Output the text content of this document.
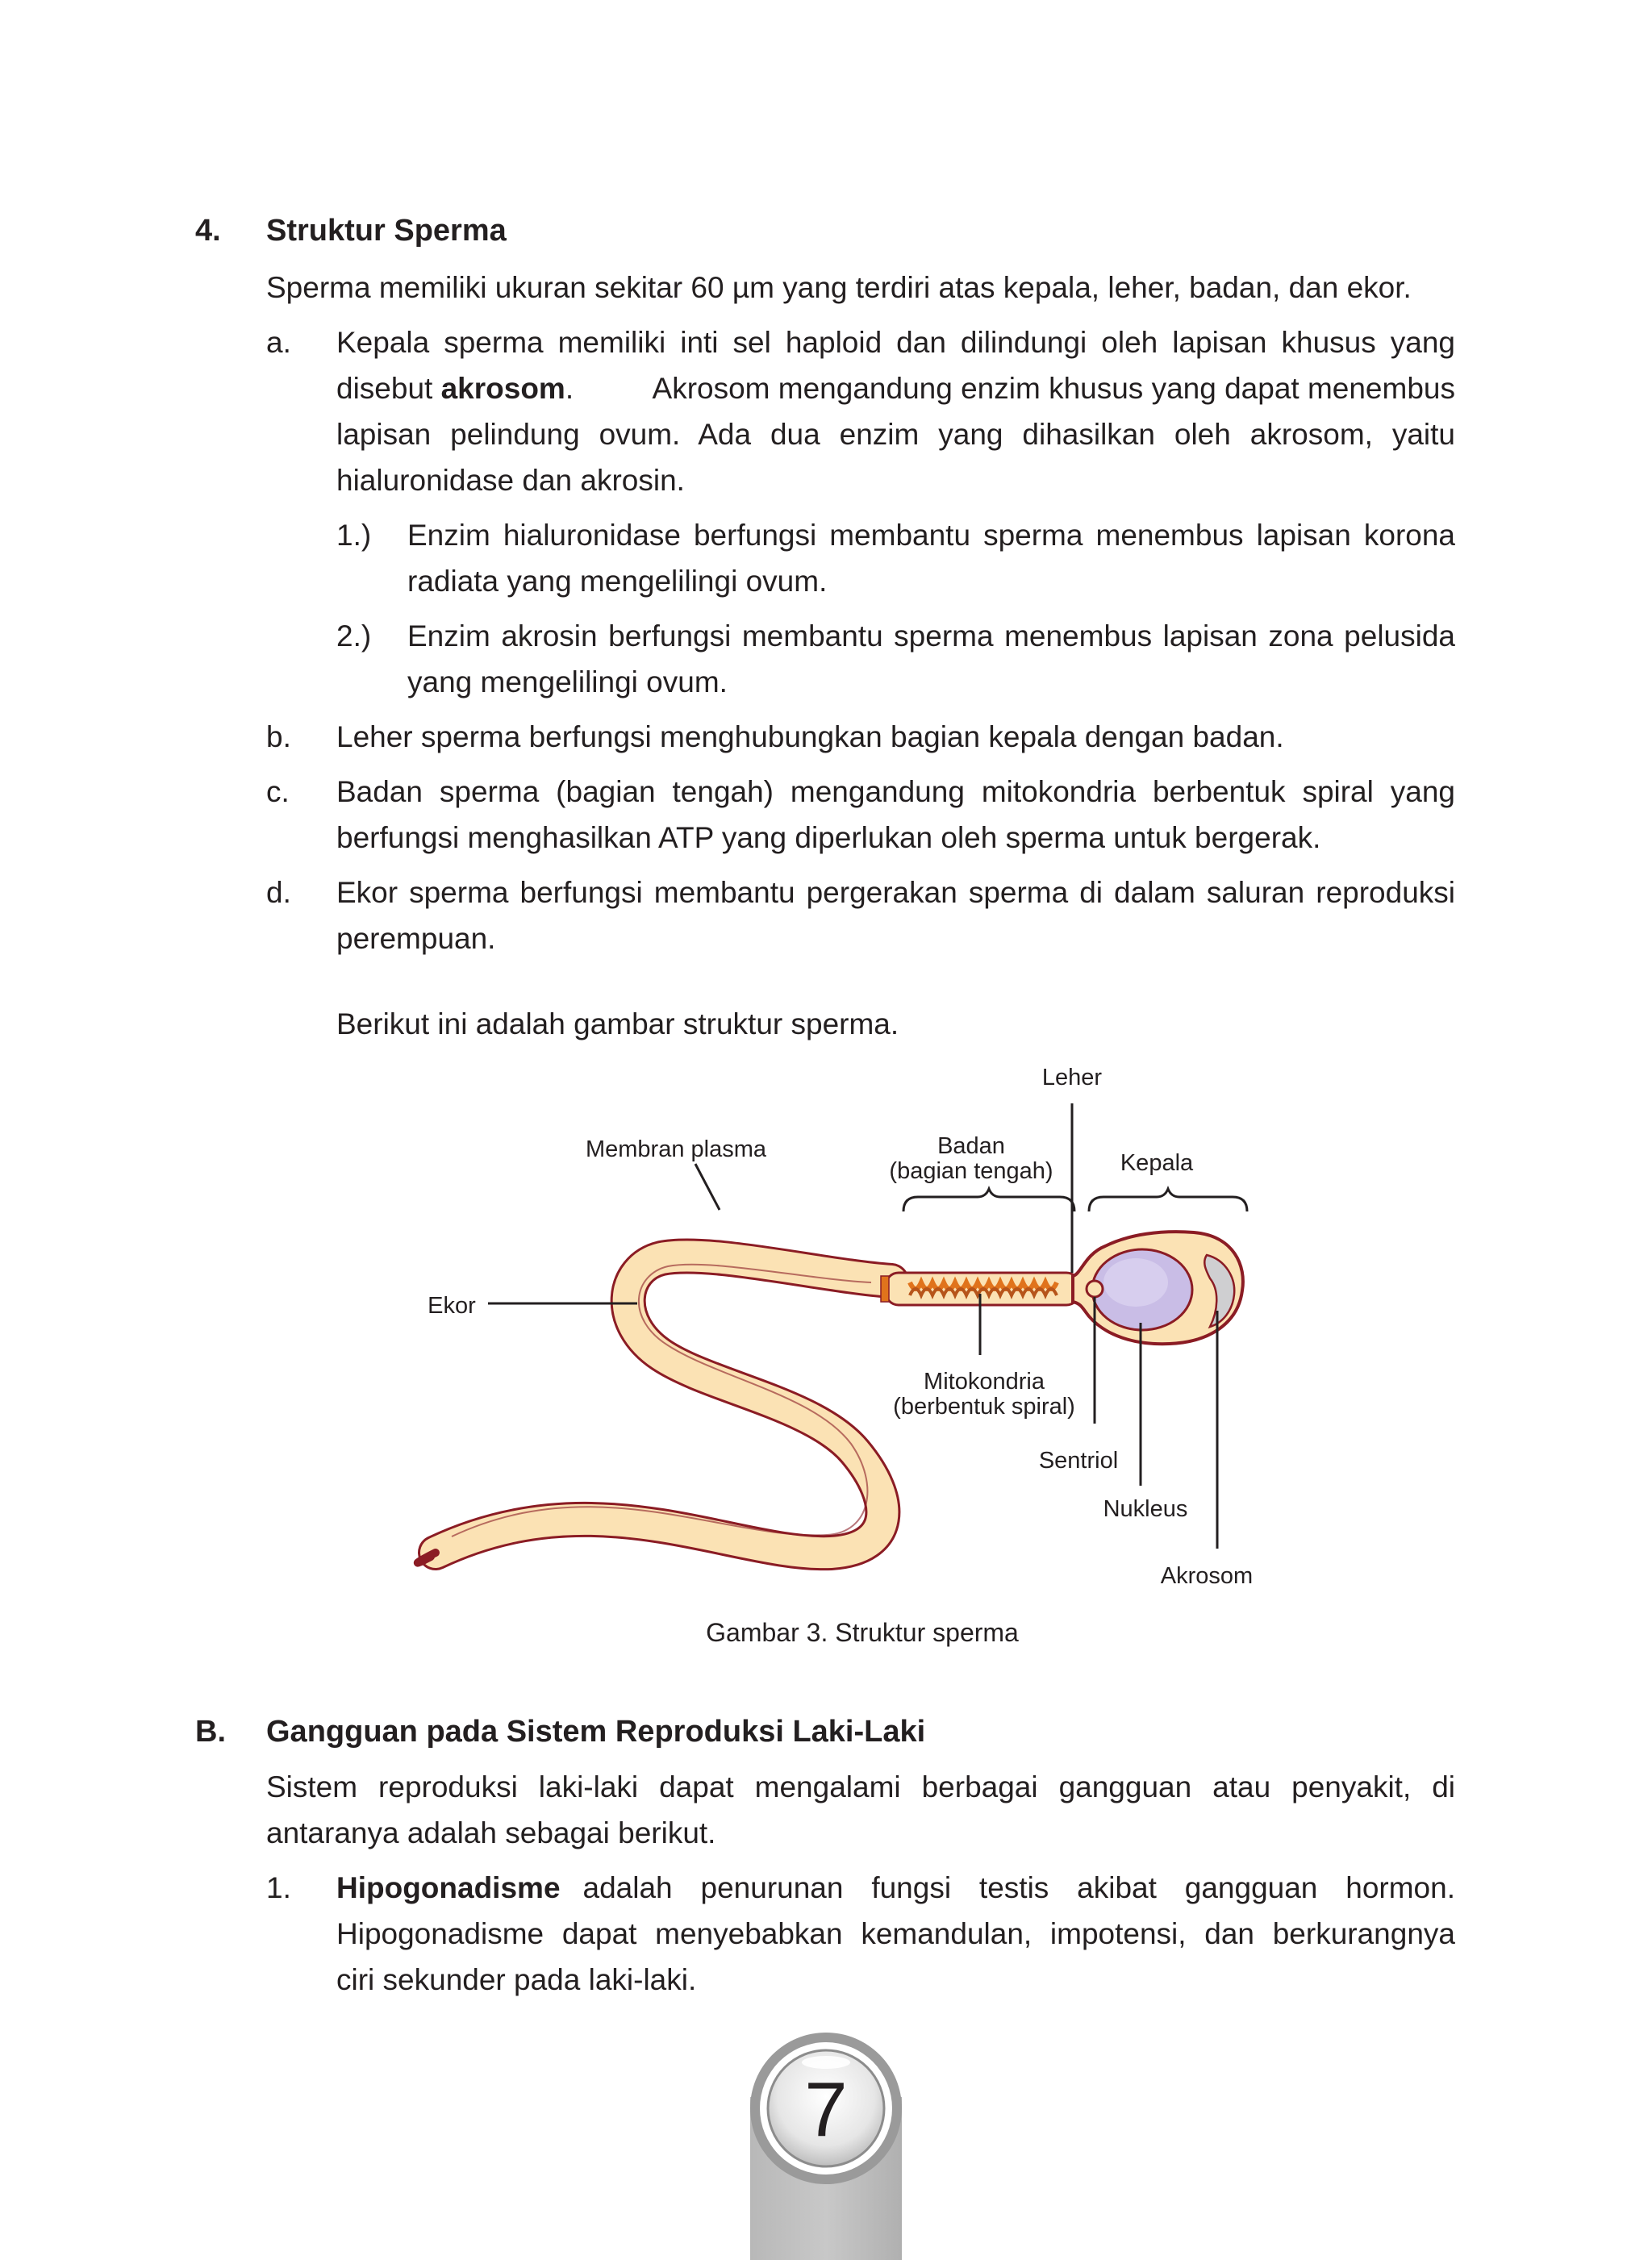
4. Struktur Sperma
Sperma memiliki ukuran sekitar 60 µm yang terdiri atas kepala, leher, badan, dan ekor.
a. Kepala sperma memiliki inti sel haploid dan dilindungi oleh lapisan khusus yang
disebut akrosom.	Akrosom mengandung enzim khusus yang dapat menembus
lapisan pelindung ovum. Ada dua enzim yang dihasilkan oleh akrosom, yaitu
hialuronidase dan akrosin.
1.) Enzim hialuronidase berfungsi membantu sperma menembus lapisan korona
radiata yang mengelilingi ovum.
2.) Enzim akrosin berfungsi membantu sperma menembus lapisan zona pelusida
yang mengelilingi ovum.
b. Leher sperma berfungsi menghubungkan bagian kepala dengan badan.
c. Badan sperma (bagian tengah) mengandung mitokondria berbentuk spiral yang
berfungsi menghasilkan ATP yang diperlukan oleh sperma untuk bergerak.
d. Ekor sperma berfungsi membantu pergerakan sperma di dalam saluran reproduksi
perempuan.
Berikut ini adalah gambar struktur sperma.
Leher
Membran plasma	Badan
(bagian tengah)	Kepala
Ekor
Mitokondria
(berbentuk spiral)
Sentriol
Nukleus
Akrosom
Gambar 3. Struktur sperma
B. Gangguan pada Sistem Reproduksi Laki-Laki
Sistem reproduksi laki-laki dapat mengalami berbagai gangguan atau penyakit, di
antaranya adalah sebagai berikut.
1. Hipogonadisme adalah penurunan fungsi testis akibat gangguan hormon.
Hipogonadisme dapat menyebabkan kemandulan, impotensi, dan berkurangnya
ciri sekunder pada laki-laki.
7
